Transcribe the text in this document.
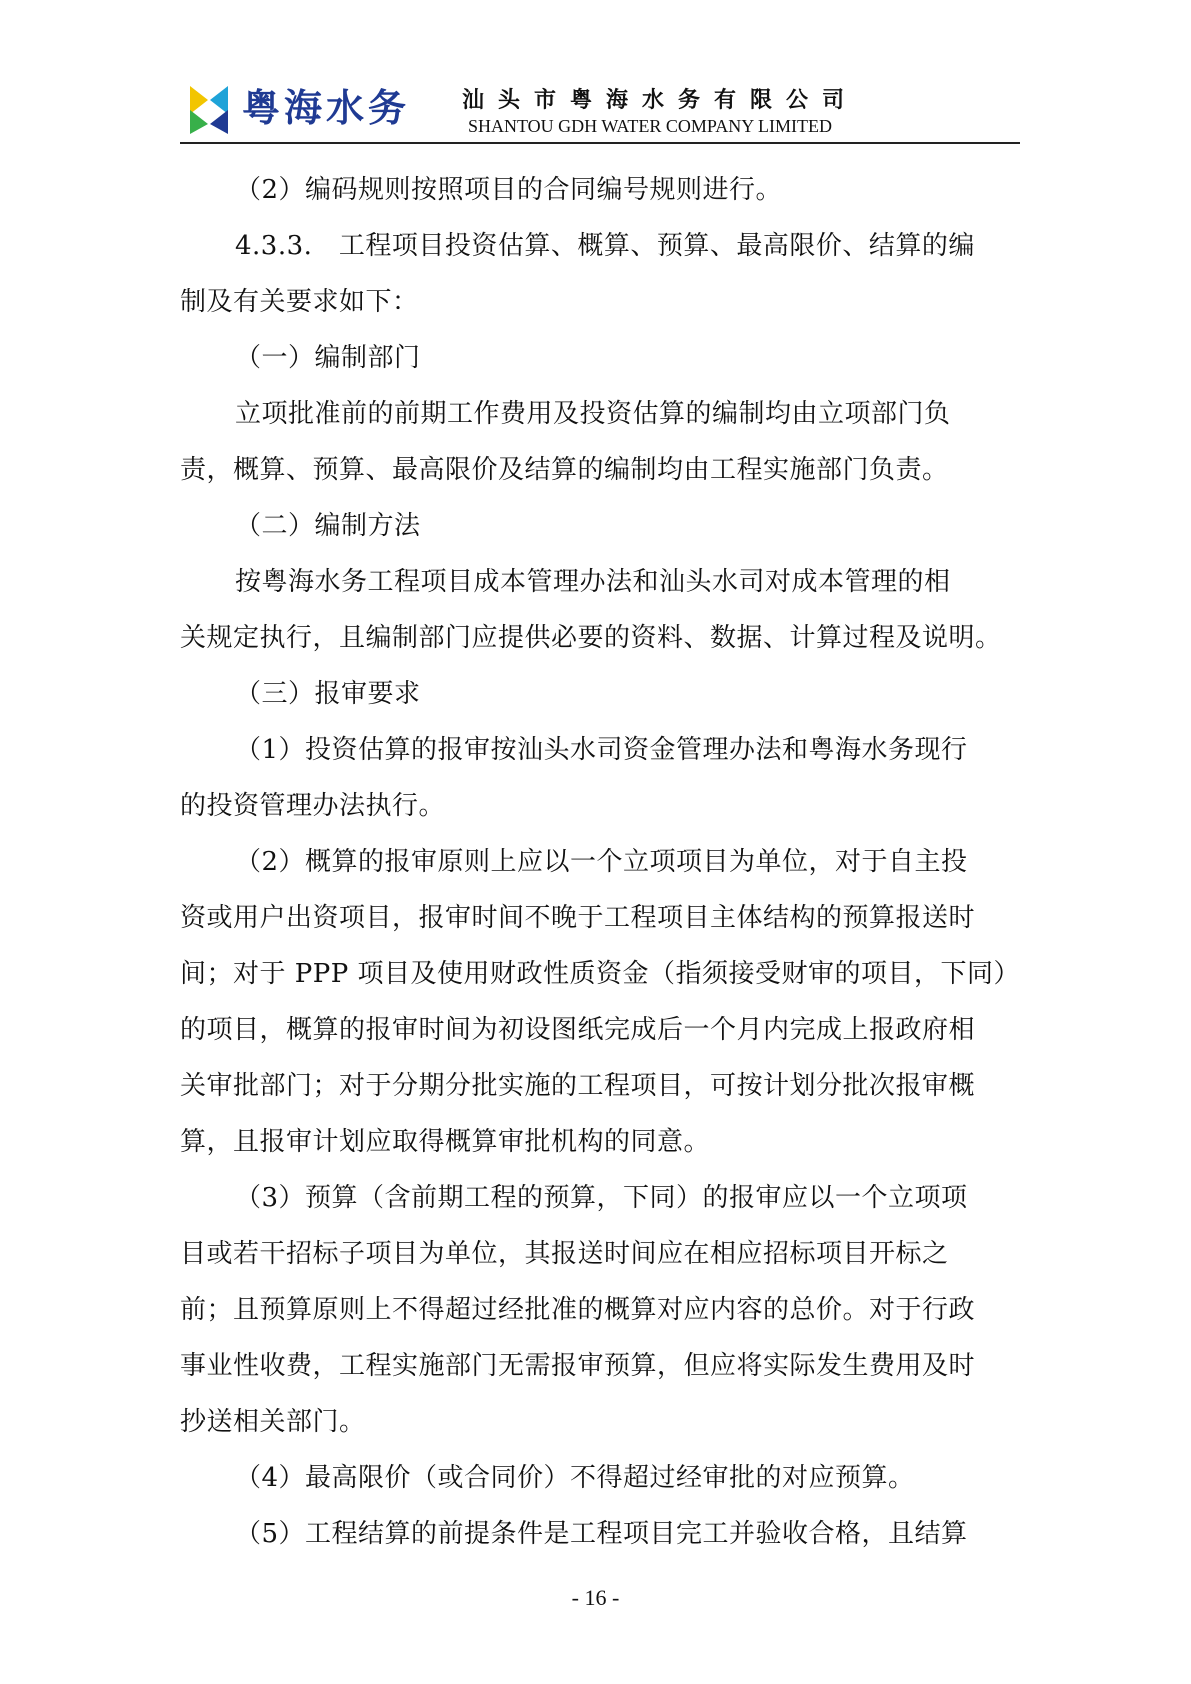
粤海水务 汕头市粤海水务有限公司
SHANTOU GDH WATER COMPANY LIMITED

（2）编码规则按照项目的合同编号规则进行。

4.3.3.　工程项目投资估算、概算、预算、最高限价、结算的编

制及有关要求如下：

（一）编制部门

立项批准前的前期工作费用及投资估算的编制均由立项部门负

责，概算、预算、最高限价及结算的编制均由工程实施部门负责。

（二）编制方法

按粤海水务工程项目成本管理办法和汕头水司对成本管理的相

关规定执行，且编制部门应提供必要的资料、数据、计算过程及说明。

（三）报审要求

（1）投资估算的报审按汕头水司资金管理办法和粤海水务现行

的投资管理办法执行。

（2）概算的报审原则上应以一个立项项目为单位，对于自主投

资或用户出资项目，报审时间不晚于工程项目主体结构的预算报送时

间；对于 PPP 项目及使用财政性质资金（指须接受财审的项目，下同）

的项目，概算的报审时间为初设图纸完成后一个月内完成上报政府相

关审批部门；对于分期分批实施的工程项目，可按计划分批次报审概

算，且报审计划应取得概算审批机构的同意。

（3）预算（含前期工程的预算，下同）的报审应以一个立项项

目或若干招标子项目为单位，其报送时间应在相应招标项目开标之

前；且预算原则上不得超过经批准的概算对应内容的总价。对于行政

事业性收费，工程实施部门无需报审预算，但应将实际发生费用及时

抄送相关部门。

（4）最高限价（或合同价）不得超过经审批的对应预算。

（5）工程结算的前提条件是工程项目完工并验收合格，且结算

- 16 -
